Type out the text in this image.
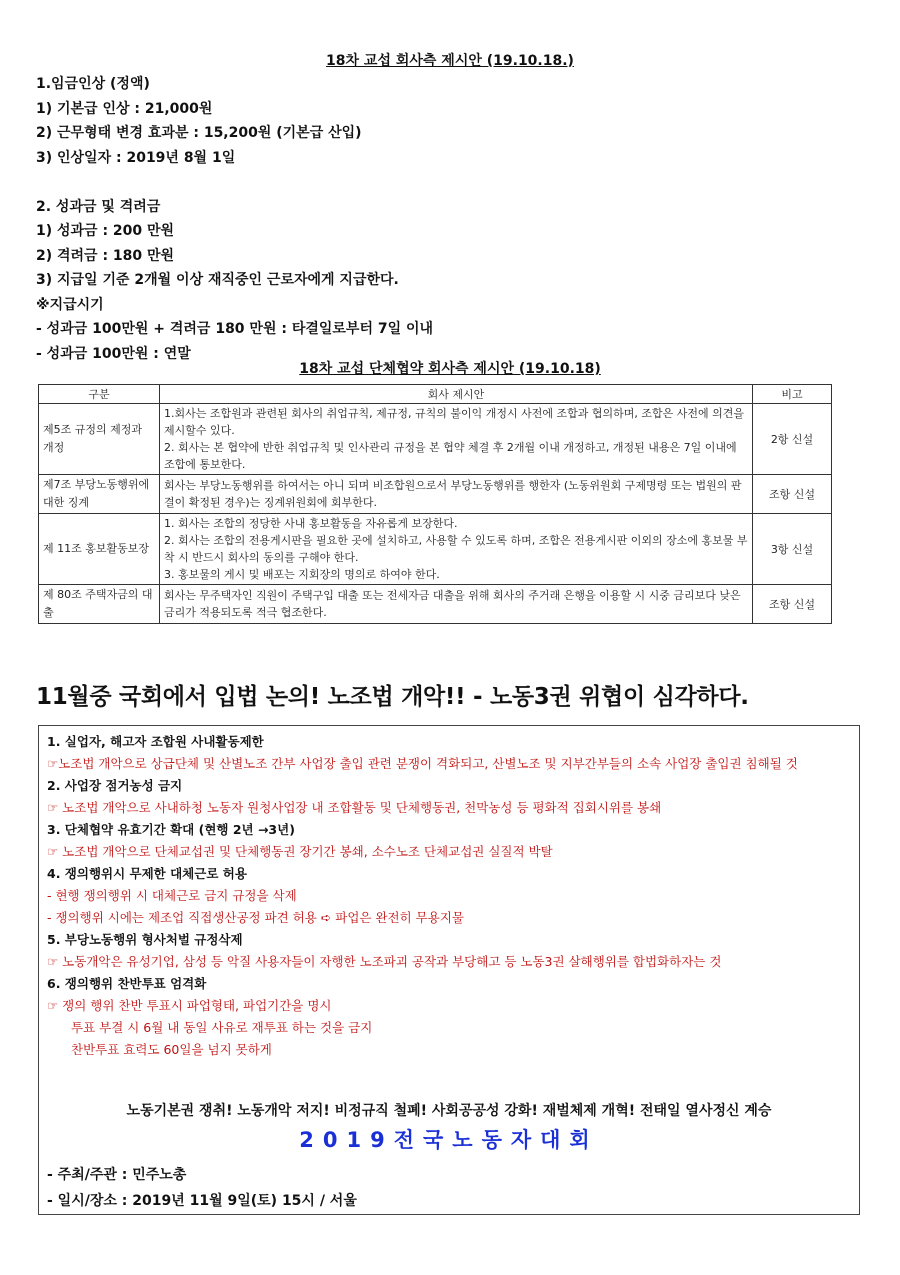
18차 교섭 회사측 제시안 (19.10.18.)
1.임금인상 (정액)
1) 기본급 인상 : 21,000원
2) 근무형태 변경 효과분 : 15,200원 (기본급 산입)
3) 인상일자 : 2019년 8월 1일

2. 성과금 및 격려금
1) 성과금 : 200 만원
2) 격려금 : 180 만원
3) 지급일 기준 2개월 이상 재직중인 근로자에게 지급한다.
※지급시기
- 성과금 100만원 + 격려금 180 만원 : 타결일로부터 7일 이내
- 성과금 100만원 : 연말
18차 교섭 단체협약 회사측 제시안 (19.10.18)
구분	회사 제시안	비고
제5조 규정의 제정과 개정	1.회사는 조합원과 관련된 회사의 취업규칙, 제규정, 규칙의 불이익 개정시 사전에 조합과 협의하며, 조합은 사전에 의견을 제시할수 있다.
2. 회사는 본 협약에 반한 취업규칙 및 인사관리 규정을 본 협약 체결 후 2개월 이내 개정하고, 개정된 내용은 7일 이내에 조합에 통보한다.	2항 신설
제7조 부당노동행위에 대한 징계	회사는 부당노동행위를 하여서는 아니 되며 비조합원으로서 부당노동행위를 행한자 (노동위원회 구제명령 또는 법원의 판결이 확정된 경우)는 징계위원회에 회부한다.	조항 신설
제 11조 홍보활동보장	1. 회사는 조합의 정당한 사내 홍보활동을 자유롭게 보장한다.
2. 회사는 조합의 전용게시판을 필요한 곳에 설치하고, 사용할 수 있도록 하며, 조합은 전용게시판 이외의 장소에 홍보물 부착 시 반드시 회사의 동의를 구해야 한다.
3. 홍보물의 게시 및 배포는 지회장의 명의로 하여야 한다.	3항 신설
제 80조 주택자금의 대출	회사는 무주택자인 직원이 주택구입 대출 또는 전세자금 대출을 위해 회사의 주거래 은행을 이용할 시 시중 금리보다 낮은 금리가 적용되도록 적극 협조한다.	조항 신설
11월중 국회에서 입법 논의! 노조법 개악!! - 노동3권 위협이 심각하다.
1. 실업자, 해고자 조합원 사내활동제한
☞노조법 개악으로 상급단체 및 산별노조 간부 사업장 출입 관련 분쟁이 격화되고, 산별노조 및 지부간부들의 소속 사업장 출입권 침해될 것
2. 사업장 점거농성 금지
☞ 노조법 개악으로 사내하청 노동자 원청사업장 내 조합활동 및 단체행동권, 천막농성 등 평화적 집회시위를 봉쇄
3. 단체협약 유효기간 확대 (현행 2년 →3년)
☞ 노조법 개악으로 단체교섭권 및 단체행동권 장기간 봉쇄, 소수노조 단체교섭권 실질적 박탈
4. 쟁의행위시 무제한 대체근로 허용
- 현행 쟁의행위 시 대체근로 금지 규정을 삭제
- 쟁의행위 시에는 제조업 직접생산공정 파견 허용 ➪ 파업은 완전히 무용지물
5. 부당노동행위 형사처벌 규정삭제
☞ 노동개악은 유성기업, 삼성 등 악질 사용자들이 자행한 노조파괴 공작과 부당해고 등 노동3권 살해행위를 합법화하자는 것
6. 쟁의행위 찬반투표 엄격화
☞ 쟁의 행위 찬반 투표시 파업형태, 파업기간을 명시
투표 부결 시 6월 내 동일 사유로 재투표 하는 것을 금지
찬반투표 효력도 60일을 넘지 못하게
노동기본권 쟁취! 노동개악 저지! 비정규직 철폐! 사회공공성 강화! 재벌체제 개혁! 전태일 열사정신 계승
2019전국노동자대회
- 주최/주관 : 민주노총
- 일시/장소 : 2019년 11월 9일(토) 15시 / 서울
